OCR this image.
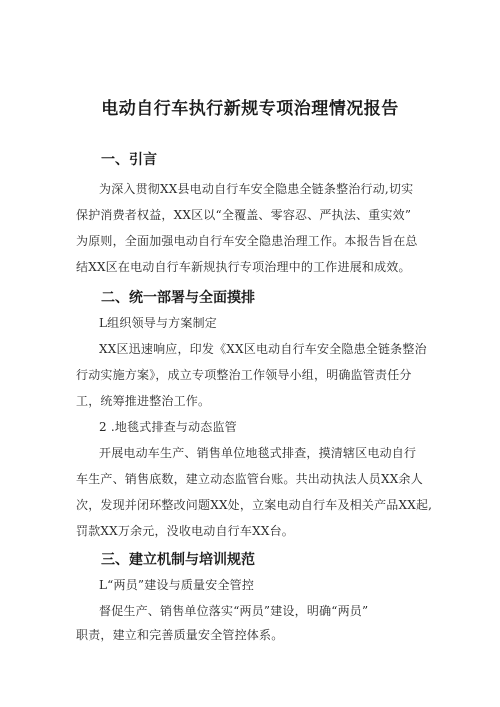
电动自行车执行新规专项治理情况报告
一、引言
为深入贯彻XX县电动自行车安全隐患全链条整治行动,切实
保护消费者权益，XX区以“全覆盖、零容忍、严执法、重实效”
为原则，全面加强电动自行车安全隐患治理工作。本报告旨在总
结XX区在电动自行车新规执行专项治理中的工作进展和成效。
二、统一部署与全面摸排
L组织领导与方案制定
XX区迅速响应，印发《XX区电动自行车安全隐患全链条整治
行动实施方案》，成立专项整治工作领导小组，明确监管责任分
工，统筹推进整治工作。
2 .地毯式排查与动态监管
开展电动车生产、销售单位地毯式排查，摸清辖区电动自行
车生产、销售底数，建立动态监管台账。共出动执法人员XX余人
次，发现并闭环整改问题XX处，立案电动自行车及相关产品XX起,
罚款XX万余元，没收电动自行车XX台。
三、建立机制与培训规范
L“两员”建设与质量安全管控
督促生产、销售单位落实“两员”建设，明确“两员”
职责，建立和完善质量安全管控体系。
